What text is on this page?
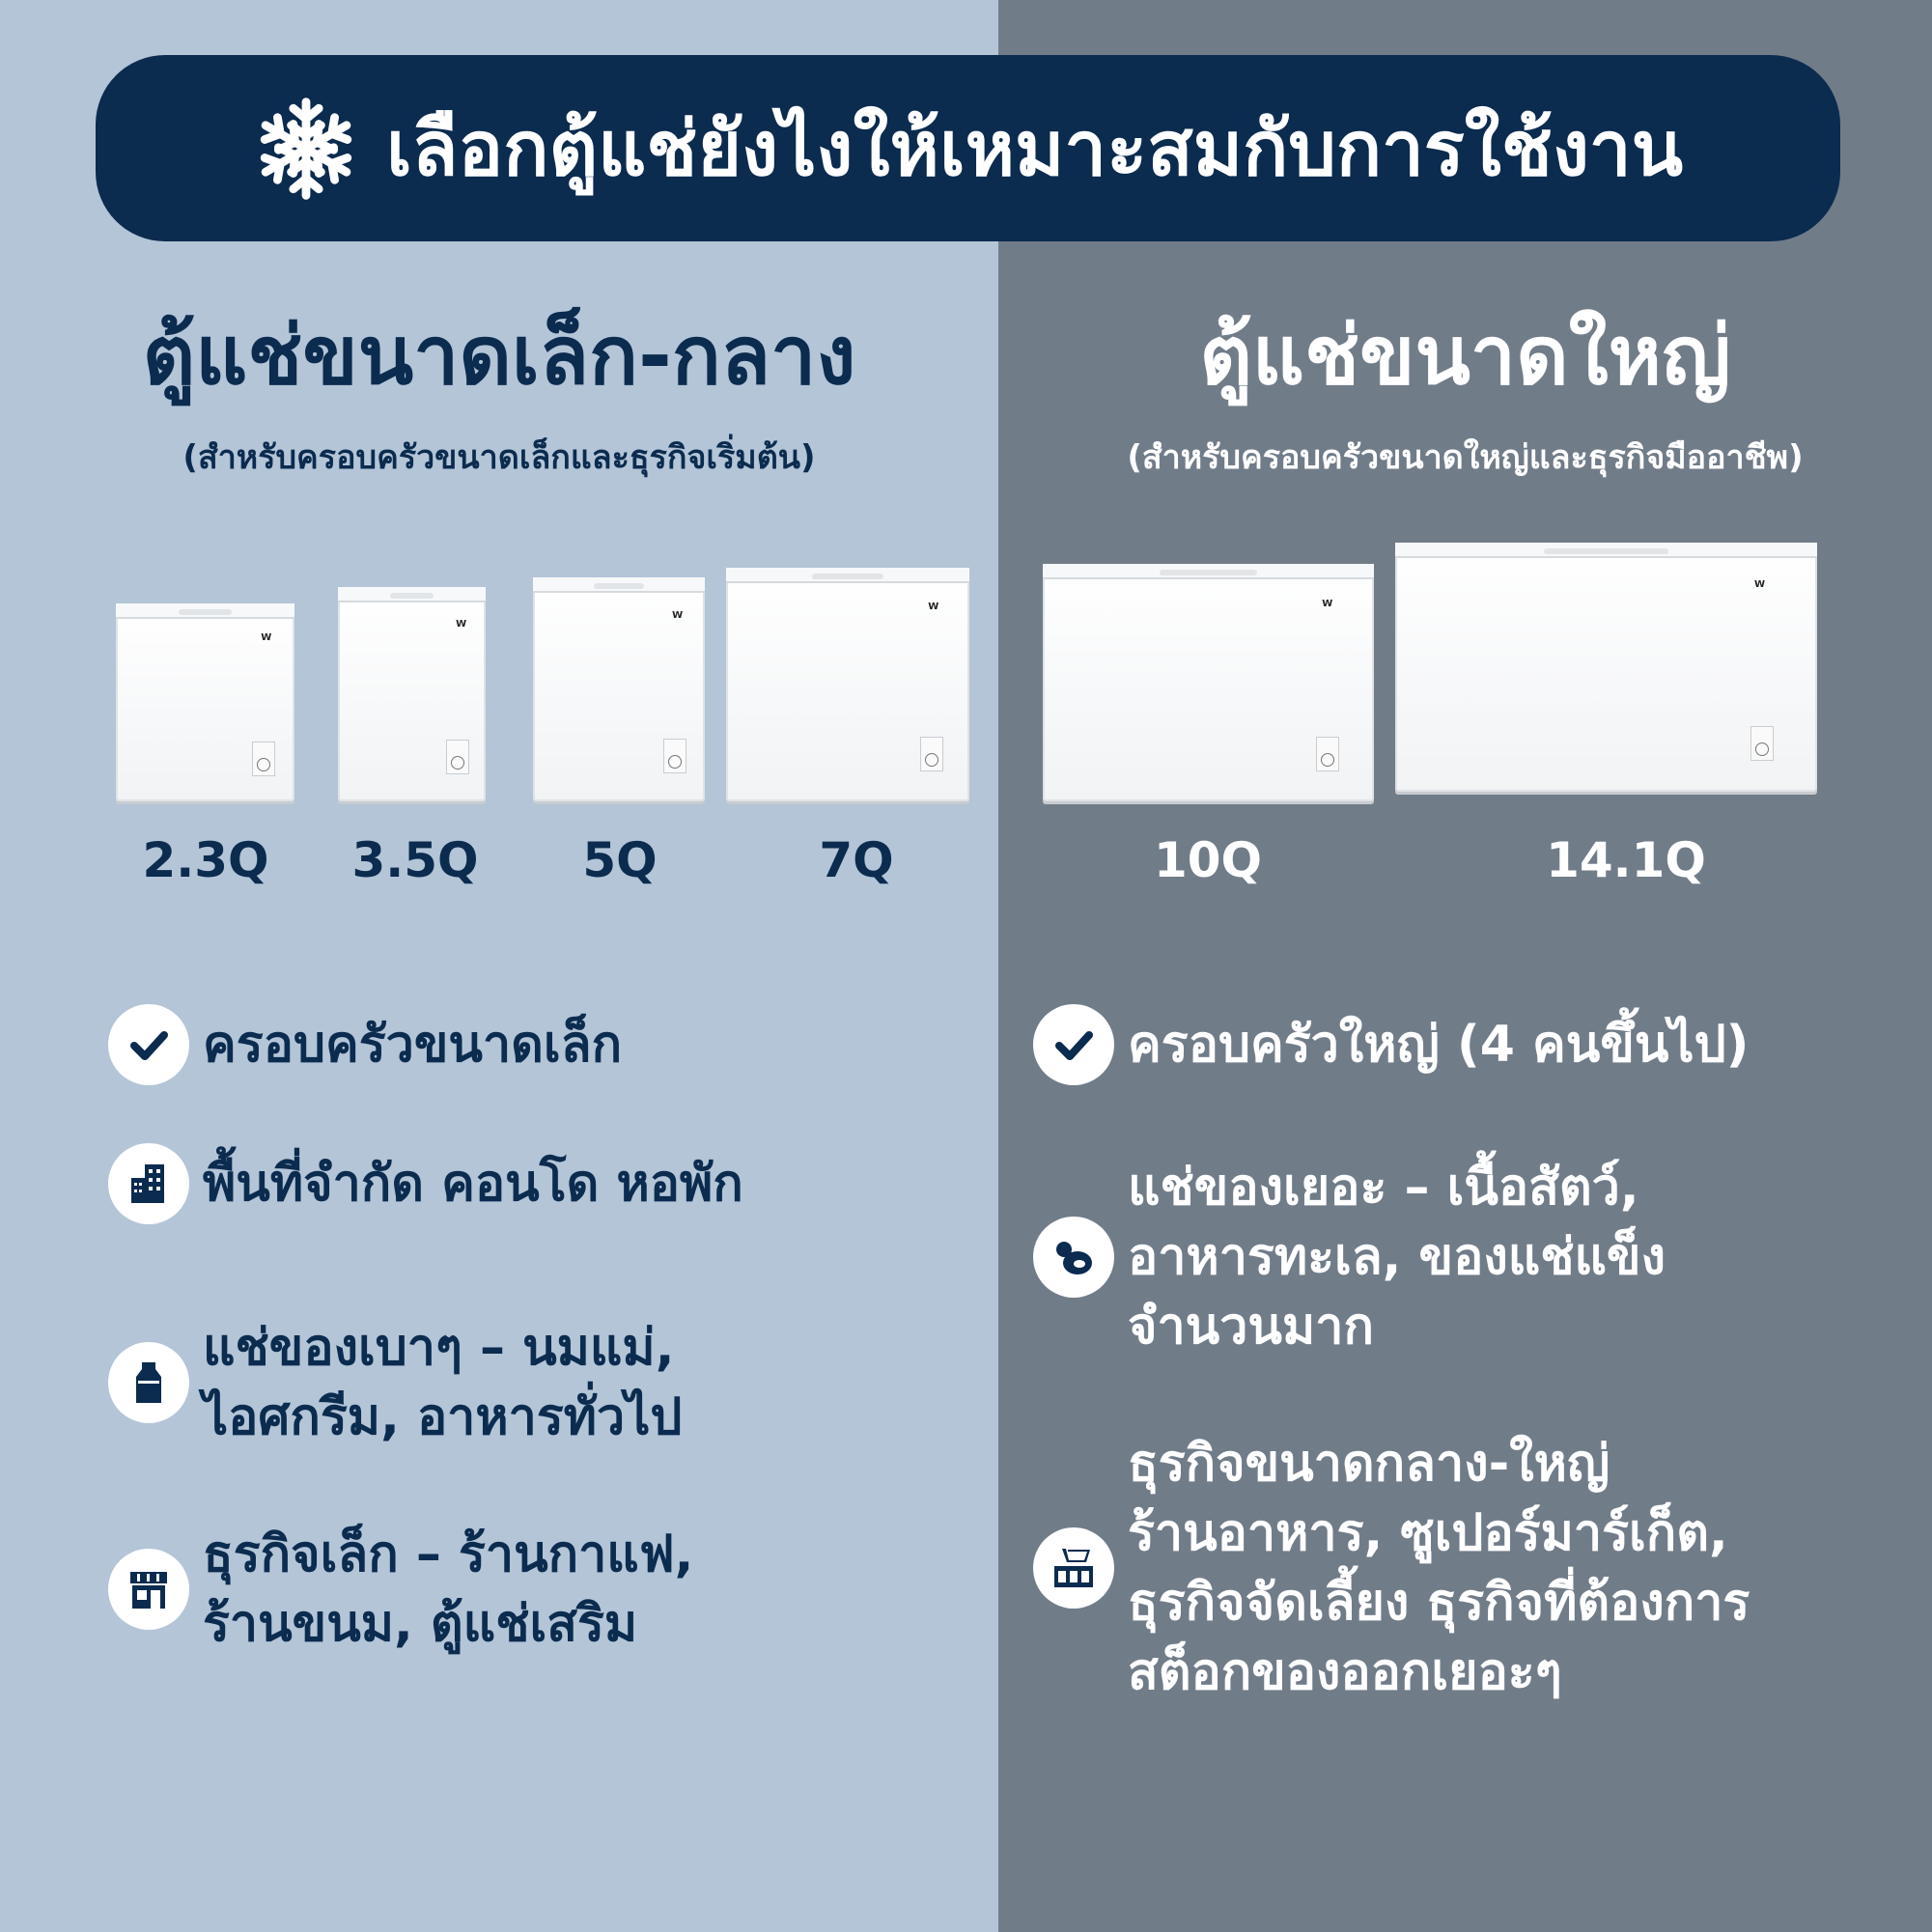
เลือกตู้แช่ยังไงให้เหมาะสมกับการใช้งาน
ตู้แช่ขนาดเล็ก-กลาง
(สำหรับครอบครัวขนาดเล็กและธุรกิจเริ่มต้น)
ตู้แช่ขนาดใหญ่
(สำหรับครอบครัวขนาดใหญ่และธุรกิจมืออาชีพ)
W
W
W
W	W
W
2.3Q	3.5Q	5Q	7Q	10Q	14.1Q
ครอบครัวขนาดเล็ก
พื้นที่จำกัด คอนโด หอพัก
แช่ของเบาๆ – นมแม่,
ไอศกรีม, อาหารทั่วไป
ธุรกิจเล็ก – ร้านกาแฟ,
ร้านขนม, ตู้แช่เสริม
ครอบครัวใหญ่ (4 คนขึ้นไป)
แช่ของเยอะ – เนื้อสัตว์,
อาหารทะเล, ของแช่แข็ง
จำนวนมาก
ธุรกิจขนาดกลาง-ใหญ่
ร้านอาหาร, ซูเปอร์มาร์เก็ต,
ธุรกิจจัดเลี้ยง ธุรกิจที่ต้องการ
สต็อกของออกเยอะๆ
